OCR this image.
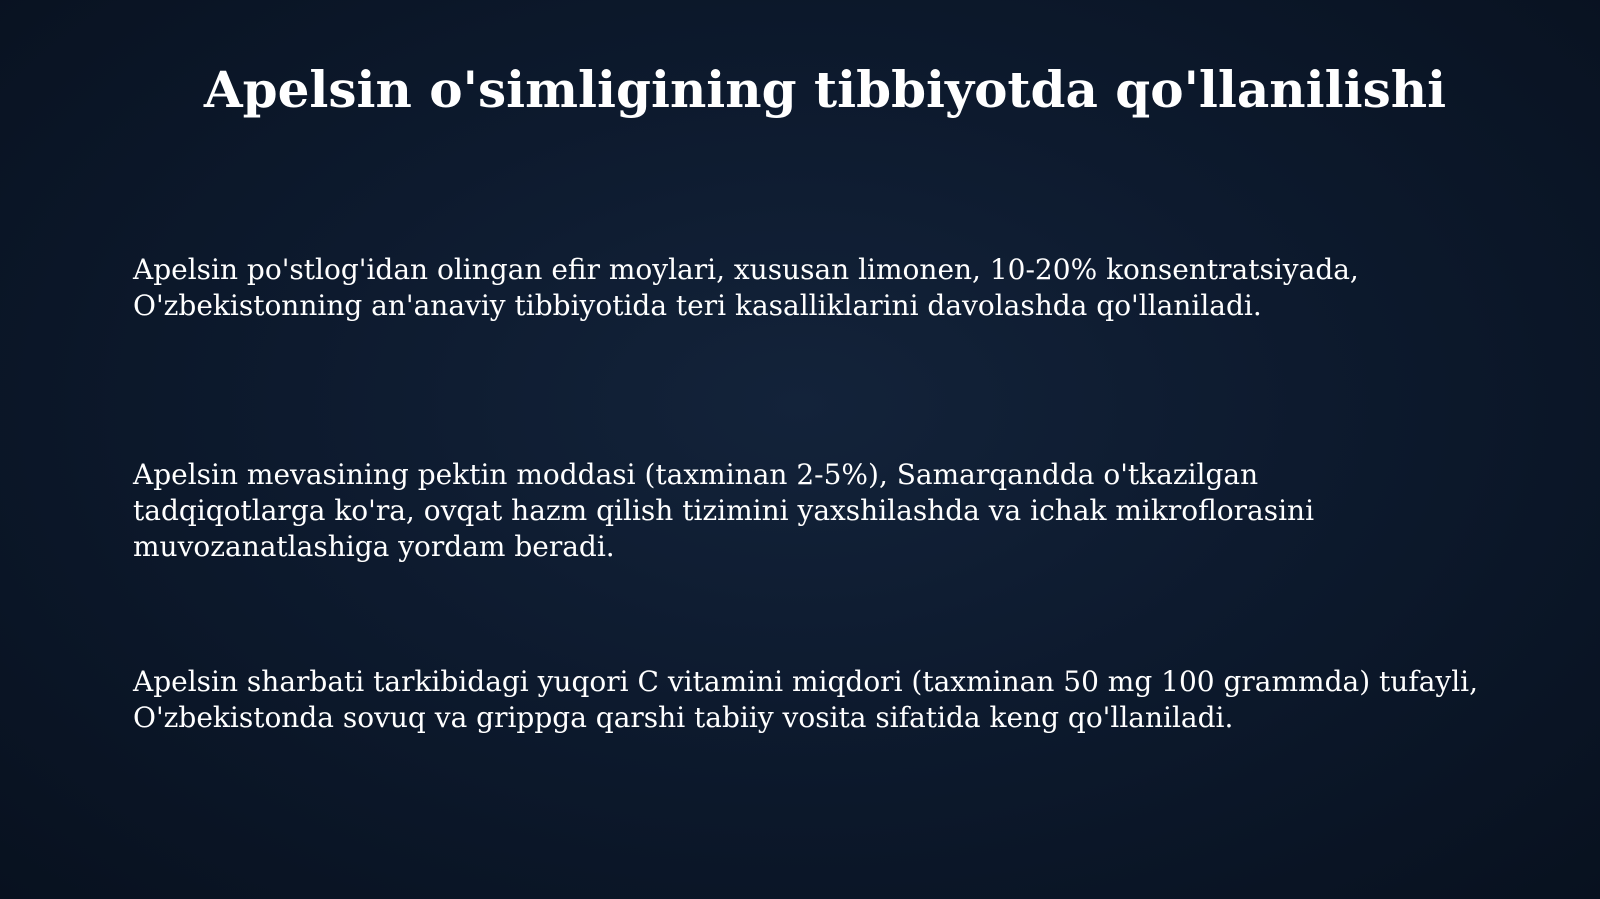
Apelsin o'simligining tibbiyotda qo'llanilishi

Apelsin po'stlog'idan olingan efir moylari, xususan limonen, 10-20% konsentratsiyada,
O'zbekistonning an'anaviy tibbiyotida teri kasalliklarini davolashda qo'llaniladi.

Apelsin mevasining pektin moddasi (taxminan 2-5%), Samarqandda o'tkazilgan
tadqiqotlarga ko'ra, ovqat hazm qilish tizimini yaxshilashda va ichak mikroflorasini
muvozanatlashiga yordam beradi.

Apelsin sharbati tarkibidagi yuqori C vitamini miqdori (taxminan 50 mg 100 grammda) tufayli,
O'zbekistonda sovuq va grippga qarshi tabiiy vosita sifatida keng qo'llaniladi.
